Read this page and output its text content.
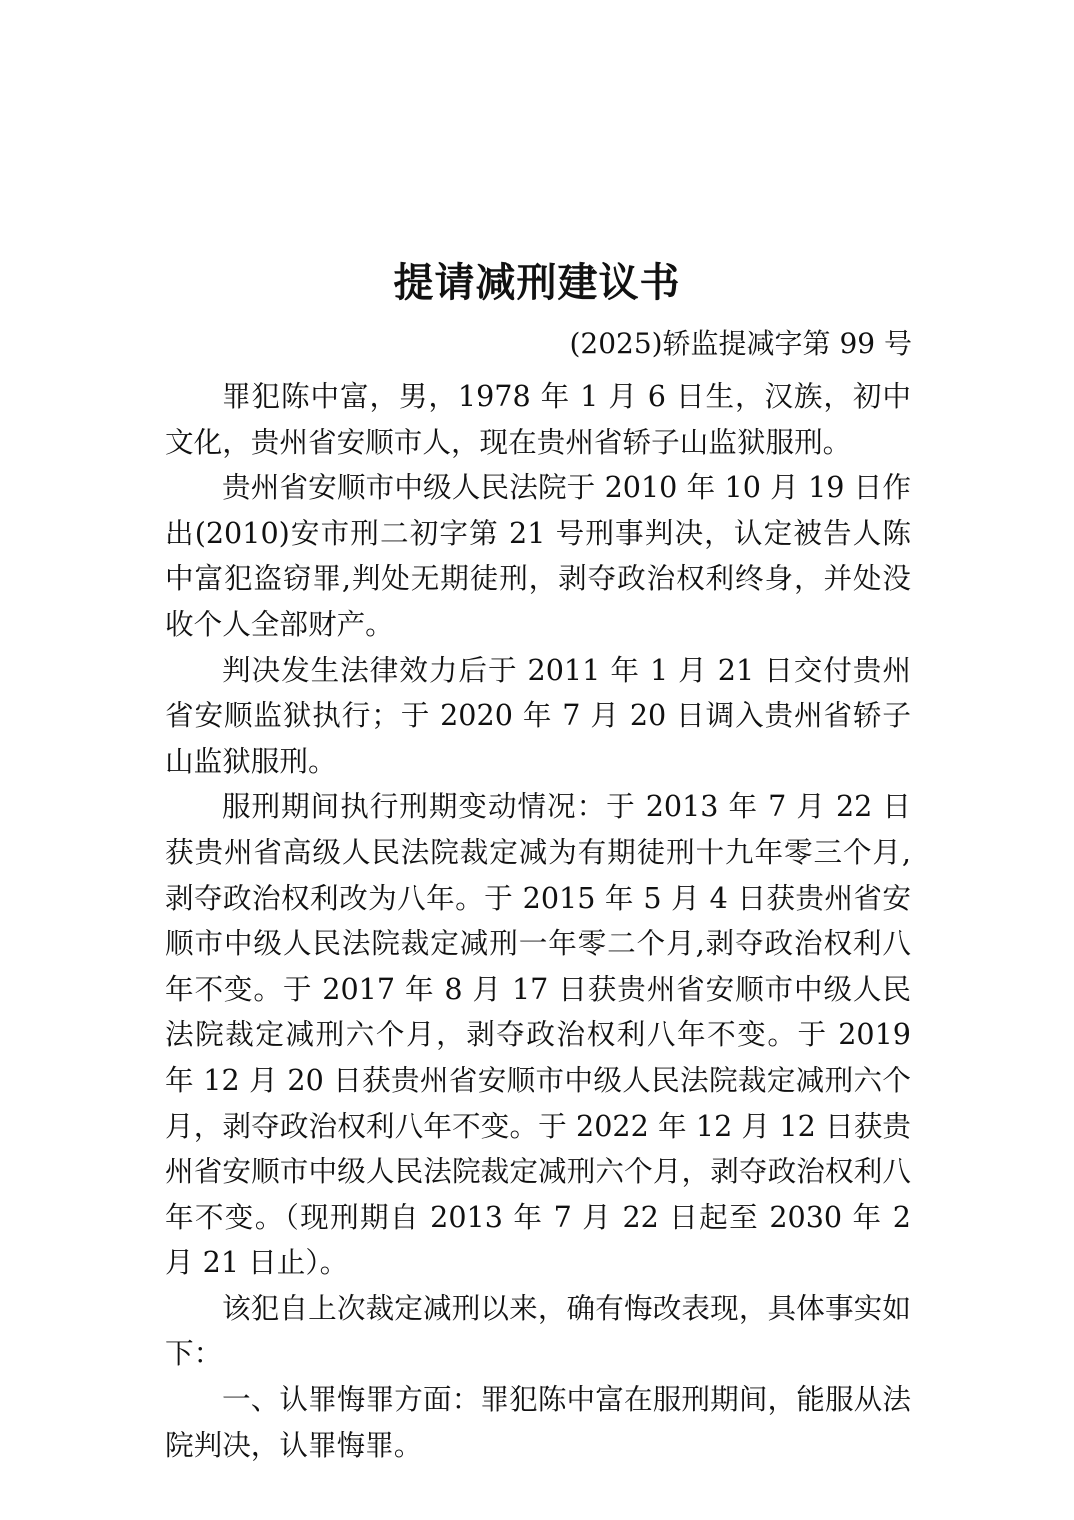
提请减刑建议书
(2025)轿监提减字第 99 号

罪犯陈中富，男，1978 年 1 月 6 日生，汉族，初中文化，贵州省安顺市人，现在贵州省轿子山监狱服刑。

贵州省安顺市中级人民法院于 2010 年 10 月 19 日作出(2010)安市刑二初字第 21 号刑事判决，认定被告人陈中富犯盗窃罪,判处无期徒刑，剥夺政治权利终身，并处没收个人全部财产。

判决发生法律效力后于 2011 年 1 月 21 日交付贵州省安顺监狱执行；于 2020 年 7 月 20 日调入贵州省轿子山监狱服刑。

服刑期间执行刑期变动情况：于 2013 年 7 月 22 日获贵州省高级人民法院裁定减为有期徒刑十九年零三个月,剥夺政治权利改为八年。于 2015 年 5 月 4 日获贵州省安顺市中级人民法院裁定减刑一年零二个月,剥夺政治权利八年不变。于 2017 年 8 月 17 日获贵州省安顺市中级人民法院裁定减刑六个月，剥夺政治权利八年不变。于 2019 年 12 月 20 日获贵州省安顺市中级人民法院裁定减刑六个月，剥夺政治权利八年不变。于 2022 年 12 月 12 日获贵州省安顺市中级人民法院裁定减刑六个月，剥夺政治权利八年不变。（现刑期自 2013 年 7 月 22 日起至 2030 年 2 月 21 日止）。

该犯自上次裁定减刑以来，确有悔改表现，具体事实如下：

一、认罪悔罪方面：罪犯陈中富在服刑期间，能服从法院判决，认罪悔罪。
